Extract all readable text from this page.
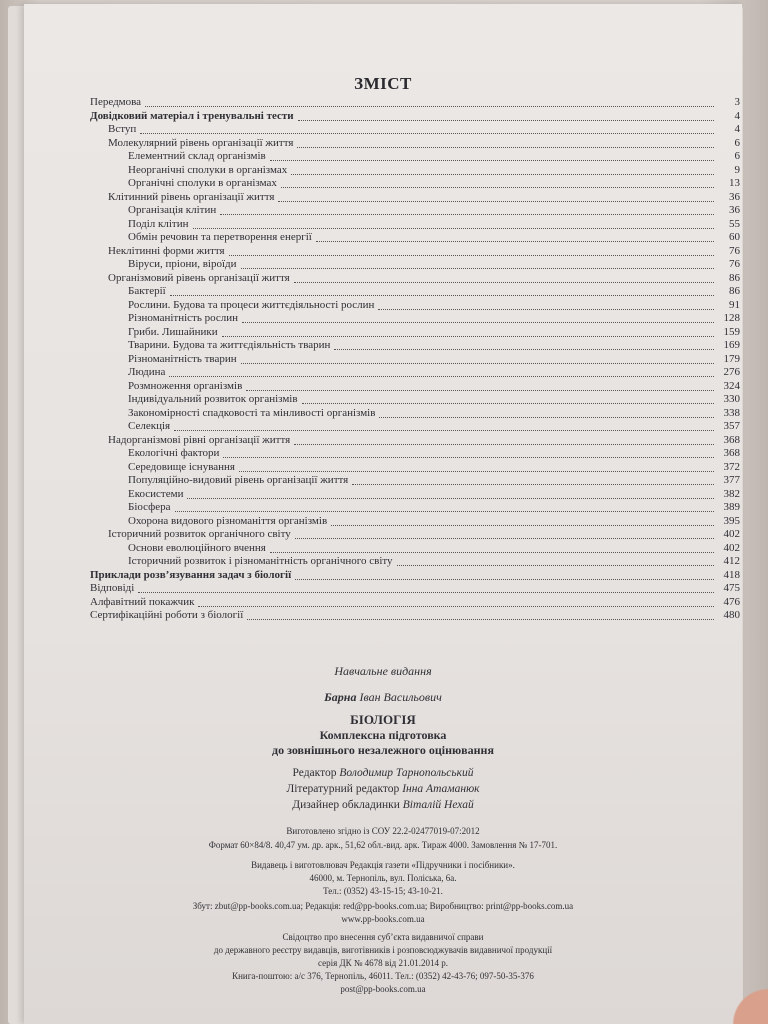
ЗМІСТ
Передмова	3
Довідковий матеріал і тренувальні тести	4
Вступ	4
Молекулярний рівень організації життя	6
Елементний склад організмів	6
Неорганічні сполуки в організмах	9
Органічні сполуки в організмах	13
Клітинний рівень організації життя	36
Організація клітин	36
Поділ клітин	55
Обмін речовин та перетворення енергії	60
Неклітинні форми життя	76
Віруси, пріони, віроїди	76
Організмовий рівень організації життя	86
Бактерії	86
Рослини. Будова та процеси життєдіяльності рослин	91
Різноманітність рослин	128
Гриби. Лишайники	159
Тварини. Будова та життєдіяльність тварин	169
Різноманітність тварин	179
Людина	276
Розмноження організмів	324
Індивідуальний розвиток організмів	330
Закономірності спадковості та мінливості організмів	338
Селекція	357
Надорганізмові рівні організації життя	368
Екологічні фактори	368
Середовище існування	372
Популяційно-видовий рівень організації життя	377
Екосистеми	382
Біосфера	389
Охорона видового різноманіття організмів	395
Історичний розвиток органічного світу	402
Основи еволюційного вчення	402
Історичний розвиток і різноманітність органічного світу	412
Приклади розв’язування задач з біології	418
Відповіді	475
Алфавітний покажчик	476
Сертифікаційні роботи з біології	480
Навчальне видання
Барна Іван Васильович
БІОЛОГІЯ
Комплексна підготовка
до зовнішнього незалежного оцінювання
Редактор Володимир Тарнопольський
Літературний редактор Інна Атаманюк
Дизайнер обкладинки Віталій Нехай
Виготовлено згідно із СОУ 22.2-02477019-07:2012
Формат 60×84/8. 40,47 ум. др. арк., 51,62 обл.-вид. арк. Тираж 4000. Замовлення № 17-701.
Видавець і виготовлювач Редакція газети «Підручники і посібники».
46000, м. Тернопіль, вул. Поліська, 6а.
Тел.: (0352) 43-15-15; 43-10-21.
Збут: zbut@pp-books.com.ua; Редакція: red@pp-books.com.ua; Виробництво: print@pp-books.com.ua
www.pp-books.com.ua
Свідоцтво про внесення суб’єкта видавничої справи
до державного реєстру видавців, виготівників і розповсюджувачів видавничої продукції
серія ДК № 4678 від 21.01.2014 р.
Книга-поштою: а/с 376, Тернопіль, 46011. Тел.: (0352) 42-43-76; 097-50-35-376
post@pp-books.com.ua
